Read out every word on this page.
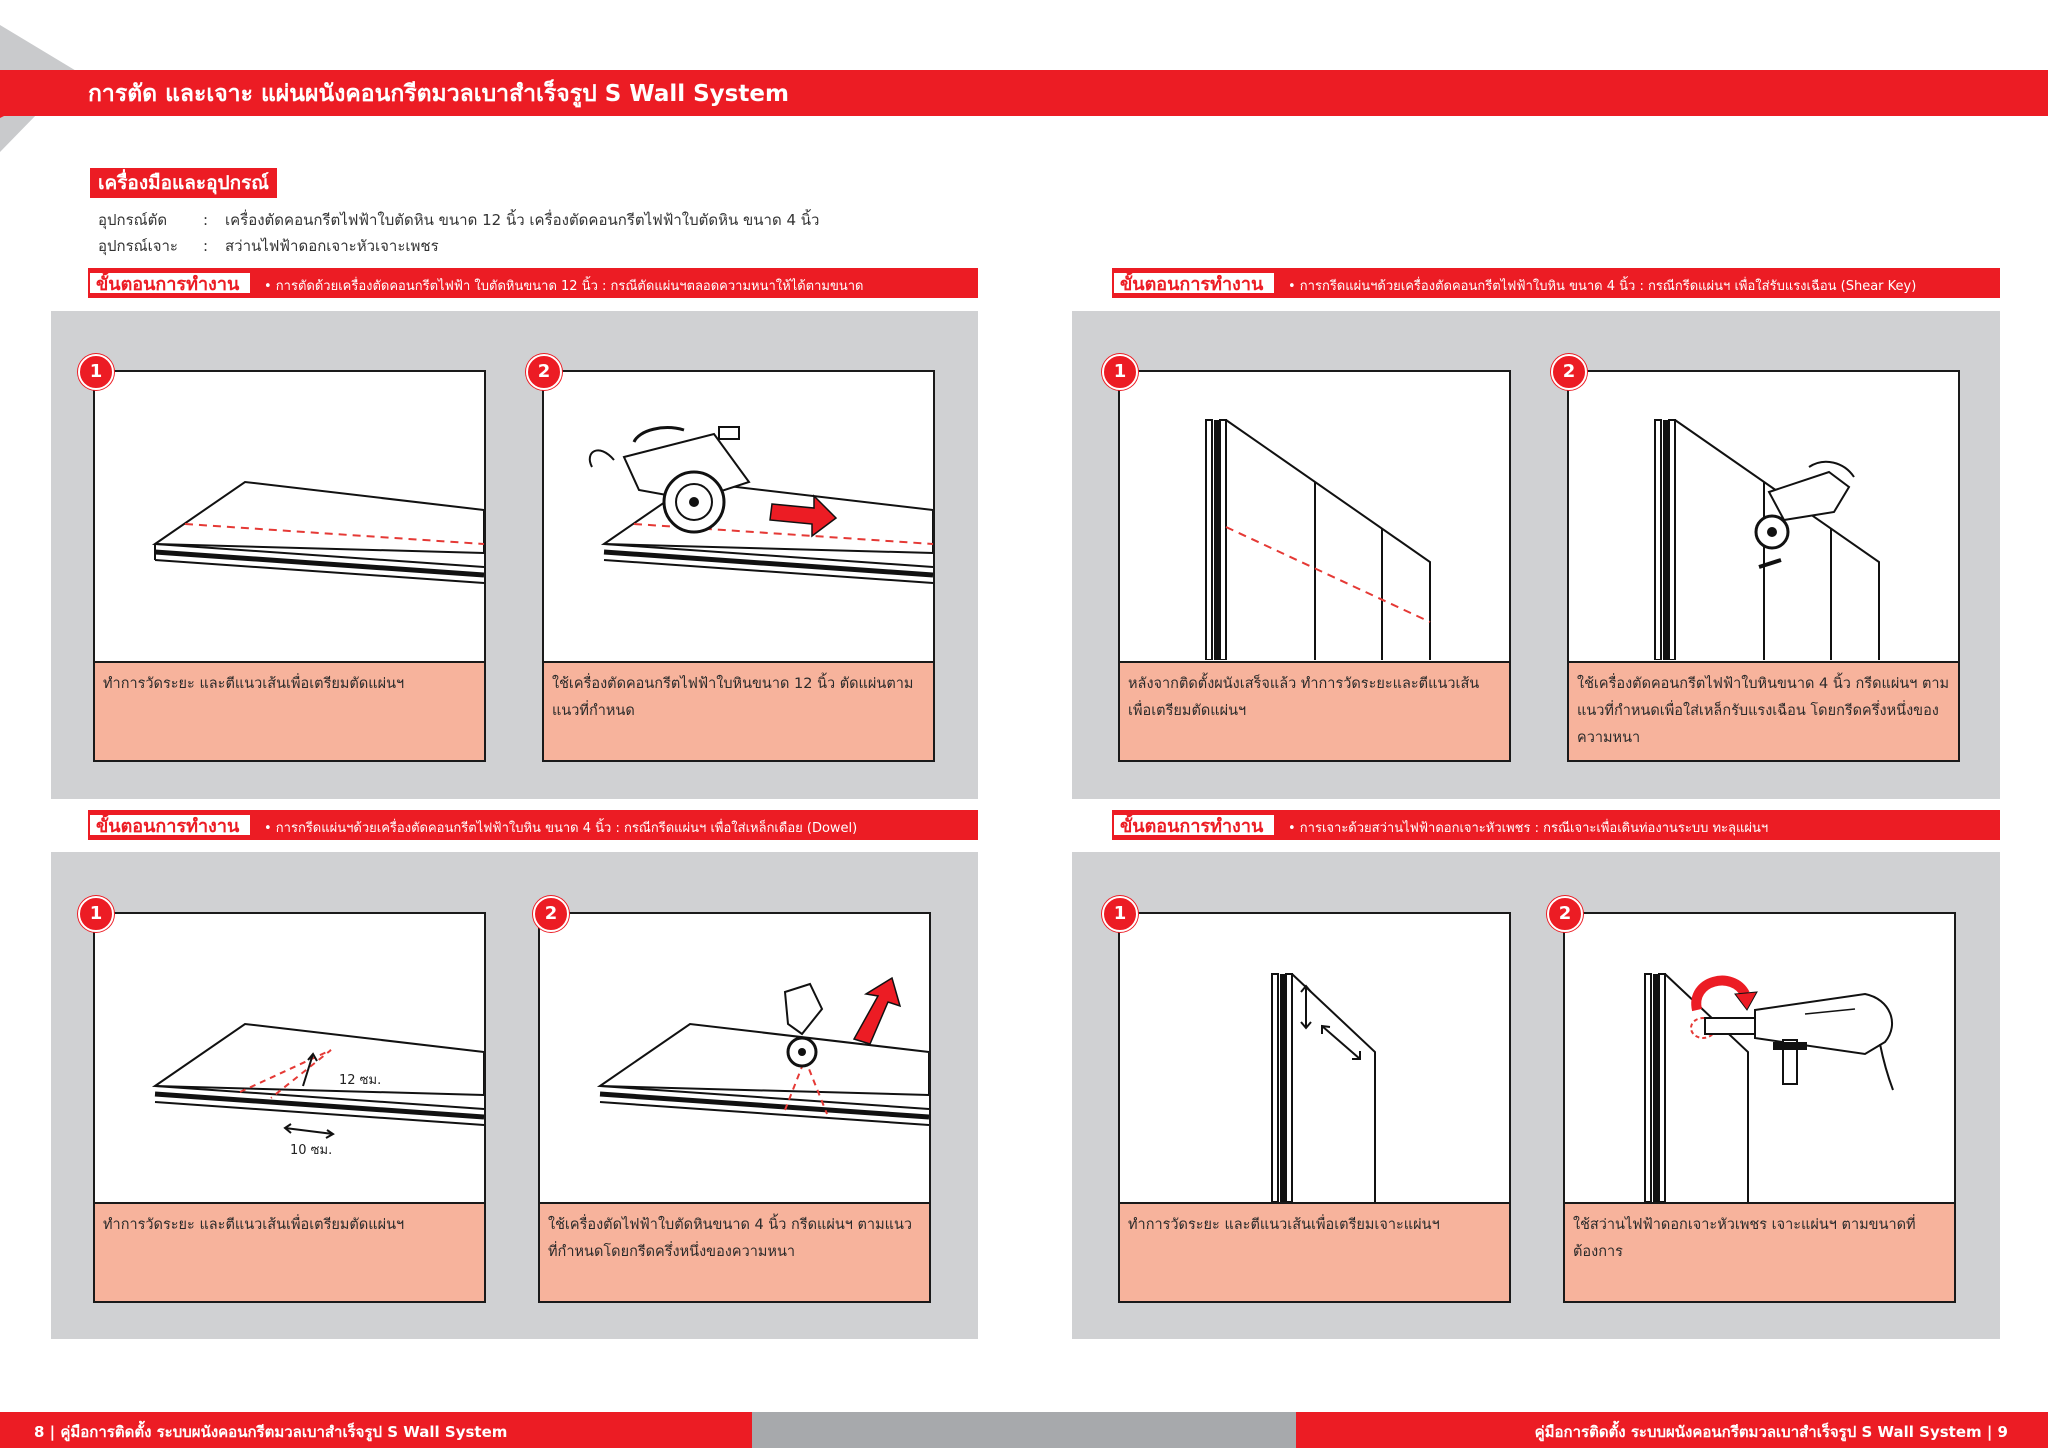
การตัด และเจาะ แผ่นผนังคอนกรีตมวลเบาสำเร็จรูป S Wall System
เครื่องมือและอุปกรณ์
อุปกรณ์ตัด : เครื่องตัดคอนกรีตไฟฟ้าใบตัดหิน ขนาด 12 นิ้ว เครื่องตัดคอนกรีตไฟฟ้าใบตัดหิน ขนาด 4 นิ้ว
อุปกรณ์เจาะ : สว่านไฟฟ้าดอกเจาะหัวเจาะเพชร
ขั้นตอนการทำงาน	• การตัดด้วยเครื่องตัดคอนกรีตไฟฟ้า ใบตัดหินขนาด 12 นิ้ว : กรณีตัดแผ่นฯตลอดความหนาให้ได้ตามขนาด
ทำการวัดระยะ และตีแนวเส้นเพื่อเตรียมตัดแผ่นฯ
1
ใช้เครื่องตัดคอนกรีตไฟฟ้าใบหินขนาด 12 นิ้ว ตัดแผ่นตามแนวที่กำหนด
2
ขั้นตอนการทำงาน	• การกรีดแผ่นฯด้วยเครื่องตัดคอนกรีตไฟฟ้าใบหิน ขนาด 4 นิ้ว : กรณีกรีดแผ่นฯ เพื่อใส่รับแรงเฉือน (Shear Key)
หลังจากติดตั้งผนังเสร็จแล้ว ทำการวัดระยะและตีแนวเส้นเพื่อเตรียมตัดแผ่นฯ
1
ใช้เครื่องตัดคอนกรีตไฟฟ้าใบหินขนาด 4 นิ้ว กรีดแผ่นฯ ตามแนวที่กำหนดเพื่อใส่เหล็กรับแรงเฉือน โดยกรีดครึ่งหนึ่งของความหนา
2
ขั้นตอนการทำงาน	• การกรีดแผ่นฯด้วยเครื่องตัดคอนกรีตไฟฟ้าใบหิน ขนาด 4 นิ้ว : กรณีกรีดแผ่นฯ เพื่อใส่เหล็กเดือย (Dowel)
12 ซม.
10 ซม.
ทำการวัดระยะ และตีแนวเส้นเพื่อเตรียมตัดแผ่นฯ
1
ใช้เครื่องตัดไฟฟ้าใบตัดหินขนาด 4 นิ้ว กรีดแผ่นฯ ตามแนวที่กำหนดโดยกรีดครึ่งหนึ่งของความหนา
2
ขั้นตอนการทำงาน	• การเจาะด้วยสว่านไฟฟ้าดอกเจาะหัวเพชร : กรณีเจาะเพื่อเดินท่องานระบบ ทะลุแผ่นฯ
ทำการวัดระยะ และตีแนวเส้นเพื่อเตรียมเจาะแผ่นฯ
1
ใช้สว่านไฟฟ้าดอกเจาะหัวเพชร เจาะแผ่นฯ ตามขนาดที่ต้องการ
2
8 | คู่มือการติดตั้ง ระบบผนังคอนกรีตมวลเบาสำเร็จรูป S Wall System	คู่มือการติดตั้ง ระบบผนังคอนกรีตมวลเบาสำเร็จรูป S Wall System | 9
